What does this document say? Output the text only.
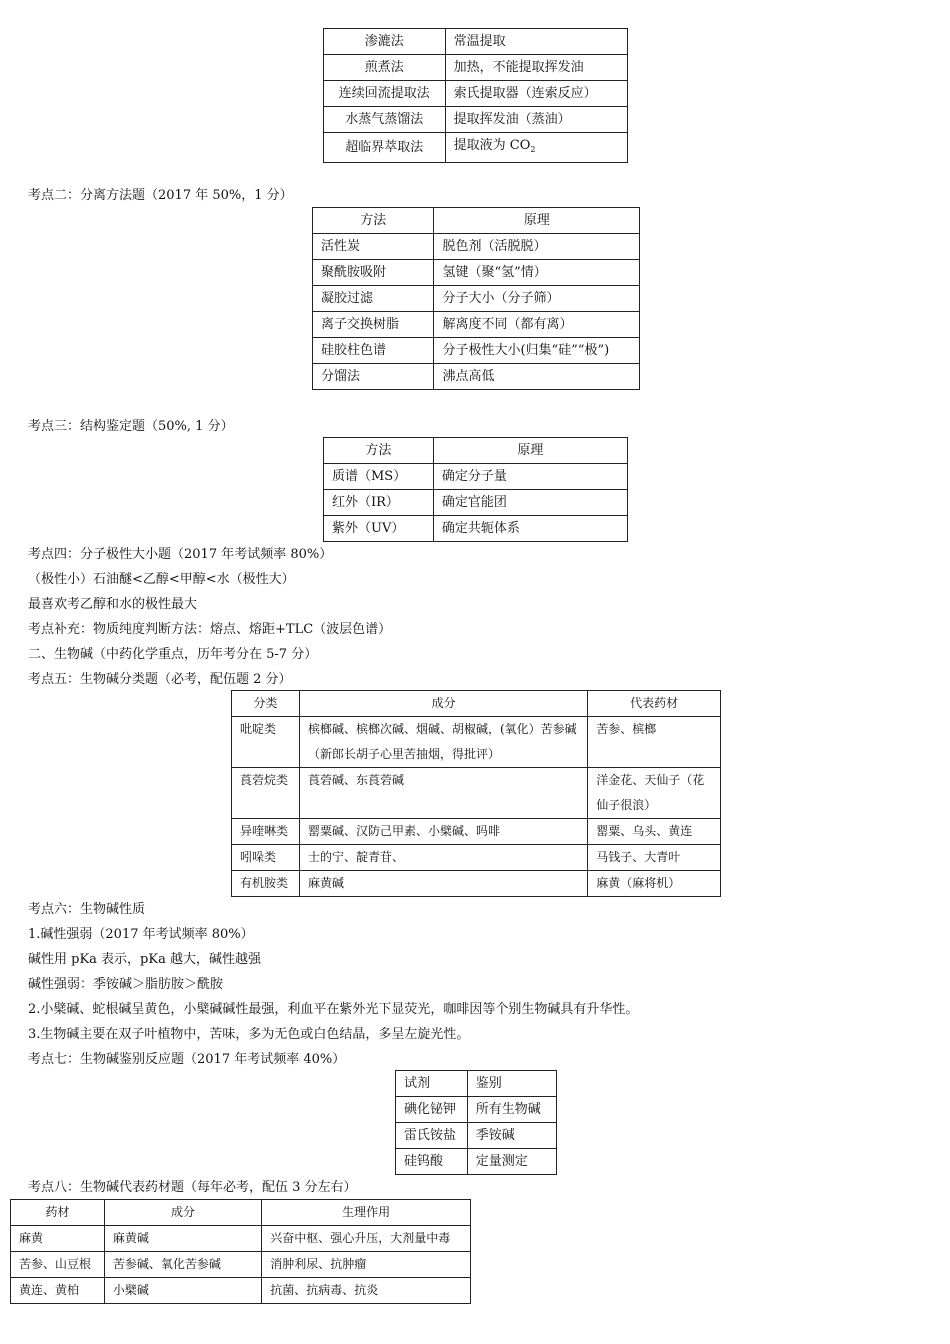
渗漉法	常温提取
煎煮法	加热，不能提取挥发油
连续回流提取法	索氏提取器（连索反应）
水蒸气蒸馏法	提取挥发油（蒸油）
超临界萃取法	提取液为 $CO_2$
考点二：分离方法题（2017 年 50%，1 分）
方法	原理
活性炭	脱色剂（活脱脱）
聚酰胺吸附	氢键（聚“氢”情）
凝胶过滤	分子大小（分子筛）
离子交换树脂	解离度不同（都有离）
硅胶柱色谱	分子极性大小(归集“硅”“极”)
分馏法	沸点高低
考点三：结构鉴定题（50%, 1 分）
方法	原理
质谱（MS）	确定分子量
红外（IR）	确定官能团
紫外（UV）	确定共轭体系
考点四：分子极性大小题（2017 年考试频率 80%）
（极性小）石油醚<乙醇<甲醇<水（极性大）
最喜欢考乙醇和水的极性最大
考点补充：物质纯度判断方法：熔点、熔距+TLC（波层色谱）
二、生物碱（中药化学重点，历年考分在 5-7 分）
考点五：生物碱分类题（必考，配伍题 2 分）
分类	成分	代表药材
吡啶类	槟榔碱、槟榔次碱、烟碱、胡椒碱，(氧化）苦参碱（新郎长胡子心里苦抽烟，得批评）	苦参、槟榔
莨菪烷类	莨菪碱、东莨菪碱	洋金花、天仙子（花仙子很浪）
异喹啉类	罂粟碱、汉防己甲素、小檗碱、吗啡	罂粟、乌头、黄连
吲哚类	士的宁、靛青苷、	马钱子、大青叶
有机胺类	麻黄碱	麻黄（麻将机）
考点六：生物碱性质
1.碱性强弱（2017 年考试频率 80%）
碱性用 pKa 表示，pKa 越大，碱性越强
碱性强弱：季铵碱＞脂肪胺＞酰胺
2.小檗碱、蛇根碱呈黄色，小檗碱碱性最强，利血平在紫外光下显荧光，咖啡因等个别生物碱具有升华性。
3.生物碱主要在双子叶植物中，苦味，多为无色或白色结晶，多呈左旋光性。
考点七：生物碱鉴别反应题（2017 年考试频率 40%）
试剂	鉴别
碘化铋钾	所有生物碱
雷氏铵盐	季铵碱
硅钨酸	定量测定
考点八：生物碱代表药材题（每年必考，配伍 3 分左右）
药材	成分	生理作用
麻黄	麻黄碱	兴奋中枢、强心升压，大剂量中毒
苦参、山豆根	苦参碱、氧化苦参碱	消肿利尿、抗肿瘤
黄连、黄柏	小檗碱	抗菌、抗病毒、抗炎
